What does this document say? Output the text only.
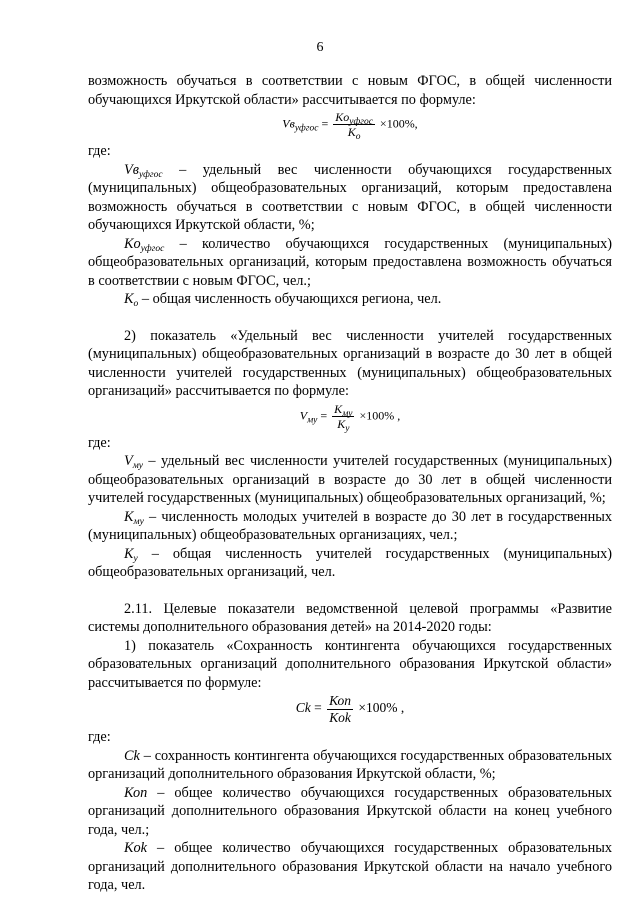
6

возможность обучаться в соответствии с новым ФГОС, в общей численности обучающихся Иркутской области» рассчитывается по формуле:

$Vв_{уфгос} = \frac{Kо_{уфгос}}{K_о} \times 100\%$,

где:

$Vв_{уфгос}$ – удельный вес численности обучающихся государственных (муниципальных) общеобразовательных организаций, которым предоставлена возможность обучаться в соответствии с новым ФГОС, в общей численности обучающихся Иркутской области, %;

$Kо_{уфгос}$ – количество обучающихся государственных (муниципальных) общеобразовательных организаций, которым предоставлена возможность обучаться в соответствии с новым ФГОС, чел.;

$K_о$ – общая численность обучающихся региона, чел.

2) показатель «Удельный вес численности учителей государственных (муниципальных) общеобразовательных организаций в возрасте до 30 лет в общей численности учителей государственных (муниципальных) общеобразовательных организаций» рассчитывается по формуле:

$V_{му} = \frac{K_{му}}{K_у} \times 100\%$ ,

где:

$V_{му}$ – удельный вес численности учителей государственных (муниципальных) общеобразовательных организаций в возрасте до 30 лет в общей численности учителей государственных (муниципальных) общеобразовательных организаций, %;

$К_{му}$ – численность молодых учителей в возрасте до 30 лет в государственных (муниципальных) общеобразовательных организациях, чел.;

$К_у$ – общая численность учителей государственных (муниципальных) общеобразовательных организаций, чел.

2.11. Целевые показатели ведомственной целевой программы «Развитие системы дополнительного образования детей» на 2014-2020 годы:

1) показатель «Сохранность контингента обучающихся государственных образовательных организаций дополнительного образования Иркутской области» рассчитывается по формуле:

$Ck = \frac{\text{Коп}}{\text{Кok}} \times 100\%$ ,

где:

Ck – сохранность контингента обучающихся государственных образовательных организаций дополнительного образования Иркутской области, %;

Коп – общее количество обучающихся государственных образовательных организаций дополнительного образования Иркутской области на конец учебного года, чел.;

Кok – общее количество обучающихся государственных образовательных организаций дополнительного образования Иркутской области на начало учебного года, чел.
